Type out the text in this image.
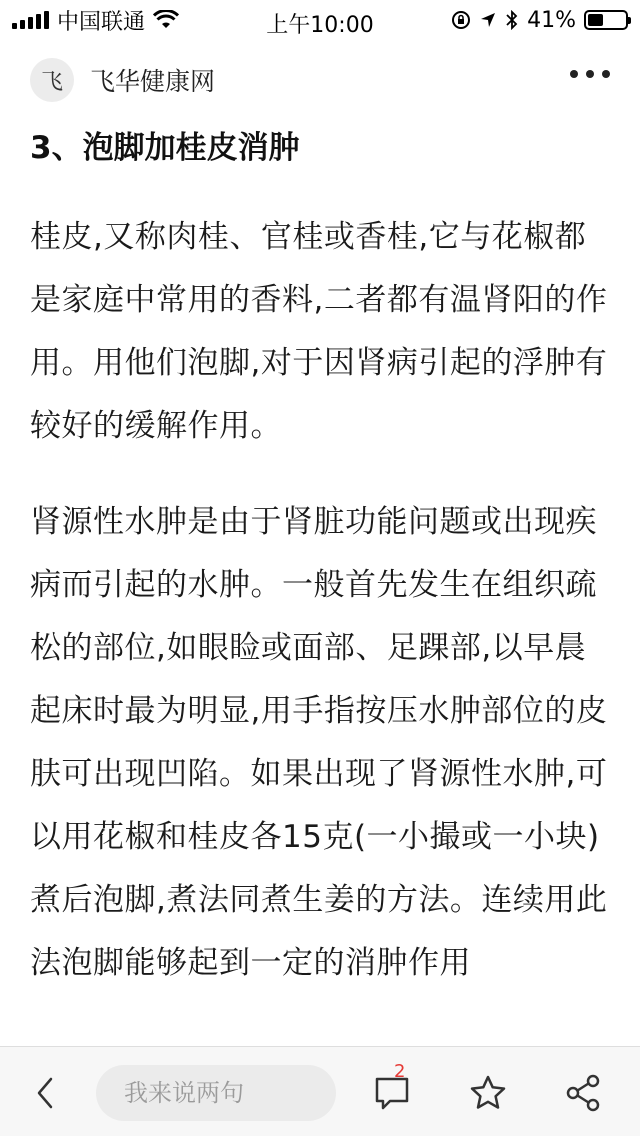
中国联通	上午10:00	41%
飞	飞华健康网
3、泡脚加桂皮消肿

桂皮,又称肉桂、官桂或香桂,它与花椒都是家庭中常用的香料,二者都有温肾阳的作用。用他们泡脚,对于因肾病引起的浮肿有较好的缓解作用。

肾源性水肿是由于肾脏功能问题或出现疾病而引起的水肿。一般首先发生在组织疏松的部位,如眼睑或面部、足踝部,以早晨起床时最为明显,用手指按压水肿部位的皮肤可出现凹陷。如果出现了肾源性水肿,可以用花椒和桂皮各15克(一小撮或一小块)煮后泡脚,煮法同煮生姜的方法。连续用此法泡脚能够起到一定的消肿作用

我来说两句
2
